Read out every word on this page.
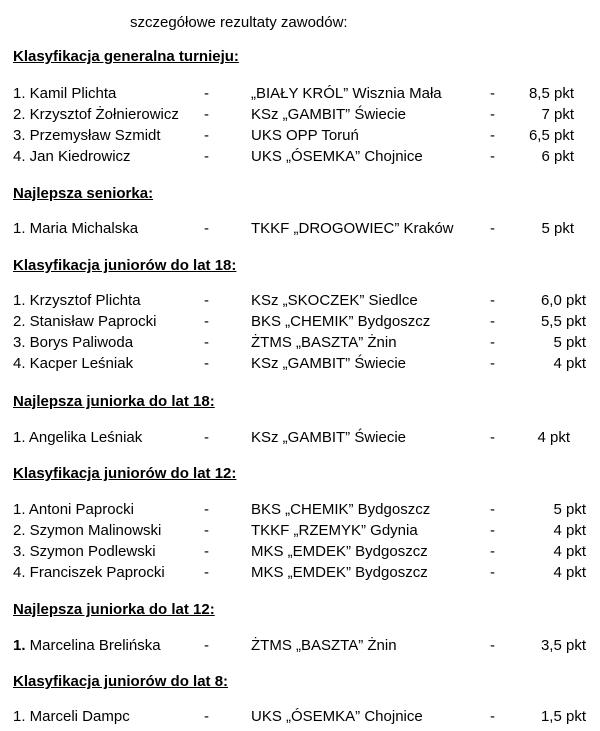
szczegółowe rezultaty zawodów:
Klasyfikacja generalna turnieju:
1. Kamil Plichta	-	„BIAŁY KRÓL” Wisznia Mała	- 8,5 pkt
2. Krzysztof Żołnierowicz -	KSz „GAMBIT” Świecie	-	7 pkt
3. Przemysław Szmidt	-	UKS OPP Toruń	- 6,5 pkt
4. Jan Kiedrowicz	-	UKS „ÓSEMKA” Chojnice	-	6 pkt
Najlepsza seniorka:
1. Maria Michalska	-	TKKF „DROGOWIEC” Kraków -	5 pkt
Klasyfikacja juniorów do lat 18:
1. Krzysztof Plichta	-	KSz „SKOCZEK” Siedlce	-	6,0 pkt
2. Stanisław Paprocki	-	BKS „CHEMIK” Bydgoszcz	-	5,5 pkt
3. Borys Paliwoda	-	ŻTMS „BASZTA” Żnin	-	5 pkt
4. Kacper Leśniak	-	KSz „GAMBIT” Świecie	-	4 pkt
Najlepsza juniorka do lat 18:
1. Angelika Leśniak	-	KSz „GAMBIT” Świecie	-	4 pkt
Klasyfikacja juniorów do lat 12:
1. Antoni Paprocki	-	BKS „CHEMIK” Bydgoszcz	-	5 pkt
2. Szymon Malinowski	-	TKKF „RZEMYK” Gdynia	-	4 pkt
3. Szymon Podlewski	-	MKS „EMDEK” Bydgoszcz	-	4 pkt
4. Franciszek Paprocki	-	MKS „EMDEK” Bydgoszcz	-	4 pkt
Najlepsza juniorka do lat 12:
1. Marcelina Brelińska	-	ŻTMS „BASZTA” Żnin	-	3,5 pkt
Klasyfikacja juniorów do lat 8:
1. Marceli Dampc	-	UKS „ÓSEMKA” Chojnice	-	1,5 pkt
